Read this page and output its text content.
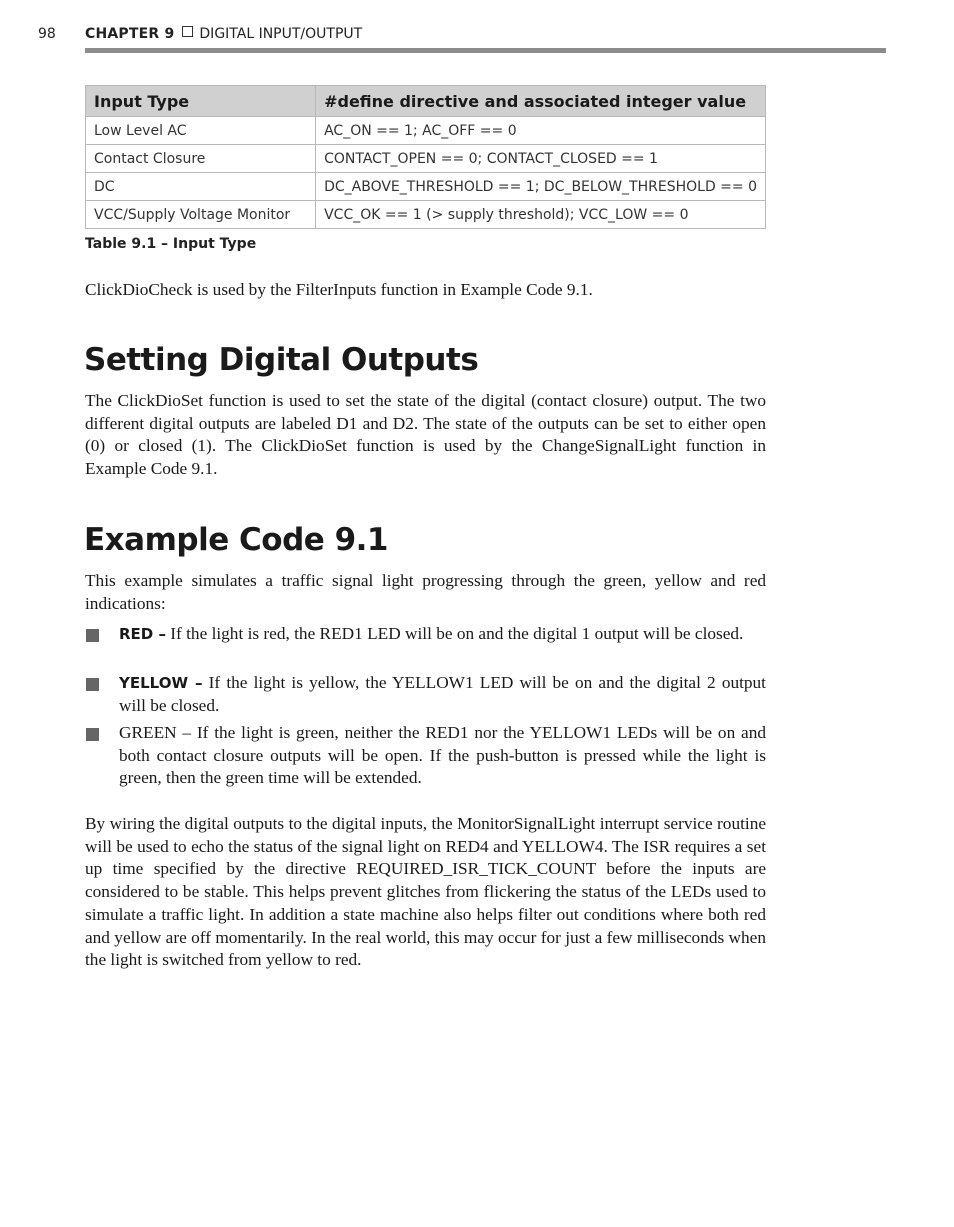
98 CHAPTER 9 DIGITAL INPUT/OUTPUT
Input Type	#define directive and associated integer value
Low Level AC	AC_ON == 1; AC_OFF == 0
Contact Closure	CONTACT_OPEN == 0; CONTACT_CLOSED == 1
DC	DC_ABOVE_THRESHOLD == 1; DC_BELOW_THRESHOLD == 0
VCC/Supply Voltage Monitor	VCC_OK == 1 (> supply threshold); VCC_LOW == 0
Table 9.1 – Input Type
ClickDioCheck is used by the FilterInputs function in Example Code 9.1.
Setting Digital Outputs
The ClickDioSet function is used to set the state of the digital (contact closure) output. The two different digital outputs are labeled D1 and D2. The state of the outputs can be set to either open (0) or closed (1). The ClickDioSet function is used by the ChangeSignalLight function in Example Code 9.1.
Example Code 9.1
This example simulates a traffic signal light progressing through the green, yellow and red indications:
RED – If the light is red, the RED1 LED will be on and the digital 1 output will be closed.
YELLOW – If the light is yellow, the YELLOW1 LED will be on and the digital 2 output will be closed.
GREEN – If the light is green, neither the RED1 nor the YELLOW1 LEDs will be on and both contact closure outputs will be open. If the push-button is pressed while the light is green, then the green time will be extended.
By wiring the digital outputs to the digital inputs, the MonitorSignalLight interrupt service routine will be used to echo the status of the signal light on RED4 and YELLOW4. The ISR requires a set up time specified by the directive REQUIRED_ISR_TICK_COUNT before the inputs are considered to be stable. This helps prevent glitches from flickering the status of the LEDs used to simulate a traffic light. In addition a state machine also helps filter out conditions where both red and yellow are off momentarily. In the real world, this may occur for just a few milliseconds when the light is switched from yellow to red.
